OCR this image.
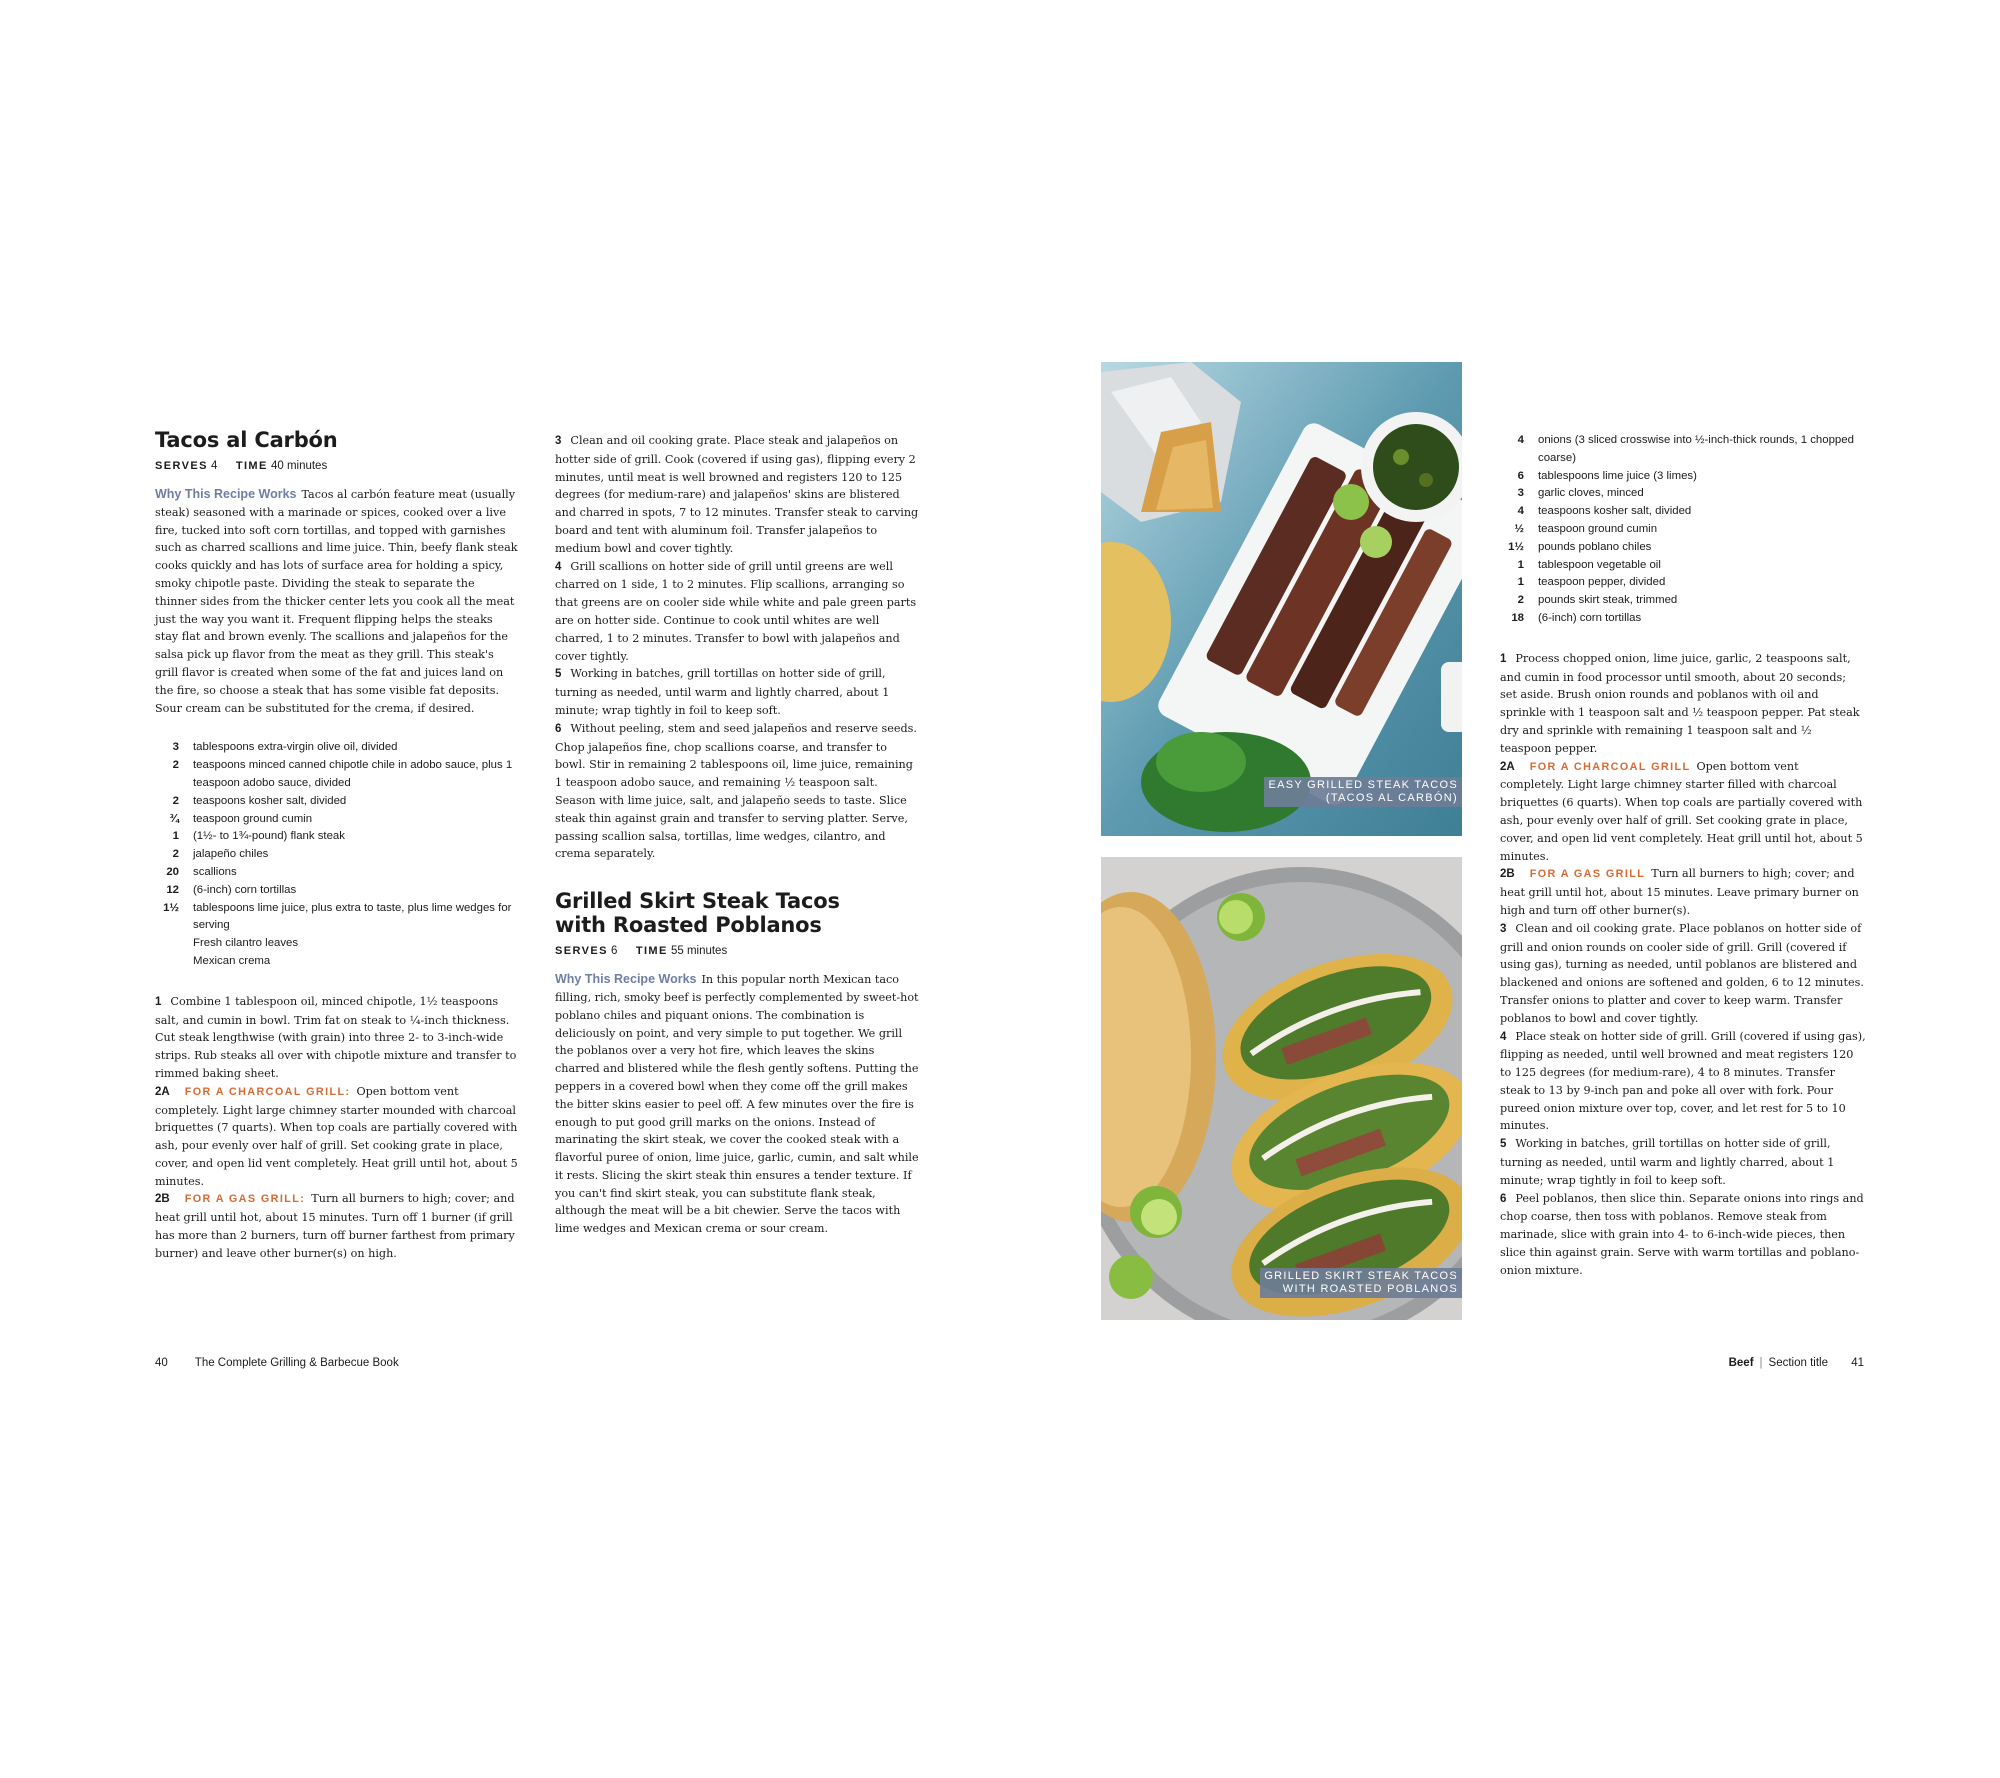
Tacos al Carbón
SERVES 4 TIME 40 minutes

Why This Recipe Works Tacos al carbón feature meat (usually steak) seasoned with a marinade or spices, cooked over a live fire, tucked into soft corn tortillas, and topped with garnishes such as charred scallions and lime juice. Thin, beefy flank steak cooks quickly and has lots of surface area for holding a spicy, smoky chipotle paste. Dividing the steak to separate the thinner sides from the thicker center lets you cook all the meat just the way you want it. Frequent flipping helps the steaks stay flat and brown evenly. The scallions and jalapeños for the salsa pick up flavor from the meat as they grill. This steak's grill flavor is created when some of the fat and juices land on the fire, so choose a steak that has some visible fat deposits. Sour cream can be substituted for the crema, if desired.

3	tablespoons extra-virgin olive oil, divided
2	teaspoons minced canned chipotle chile in adobo sauce, plus 1 teaspoon adobo sauce, divided
2	teaspoons kosher salt, divided
¾	teaspoon ground cumin
1	(1½- to 1¾-pound) flank steak
2	jalapeño chiles
20	scallions
12	(6-inch) corn tortillas
1½	tablespoons lime juice, plus extra to taste, plus lime wedges for serving
Fresh cilantro leaves
Mexican crema

1 Combine 1 tablespoon oil, minced chipotle, 1½ teaspoons salt, and cumin in bowl. Trim fat on steak to ¼-inch thickness. Cut steak lengthwise (with grain) into three 2- to 3-inch-wide strips. Rub steaks all over with chipotle mixture and transfer to rimmed baking sheet.

2A FOR A CHARCOAL GRILL: Open bottom vent completely. Light large chimney starter mounded with charcoal briquettes (7 quarts). When top coals are partially covered with ash, pour evenly over half of grill. Set cooking grate in place, cover, and open lid vent completely. Heat grill until hot, about 5 minutes.

2B FOR A GAS GRILL: Turn all burners to high; cover; and heat grill until hot, about 15 minutes. Turn off 1 burner (if grill has more than 2 burners, turn off burner farthest from primary burner) and leave other burner(s) on high.

3 Clean and oil cooking grate. Place steak and jalapeños on hotter side of grill. Cook (covered if using gas), flipping every 2 minutes, until meat is well browned and registers 120 to 125 degrees (for medium-rare) and jalapeños' skins are blistered and charred in spots, 7 to 12 minutes. Transfer steak to carving board and tent with aluminum foil. Transfer jalapeños to medium bowl and cover tightly.

4 Grill scallions on hotter side of grill until greens are well charred on 1 side, 1 to 2 minutes. Flip scallions, arranging so that greens are on cooler side while white and pale green parts are on hotter side. Continue to cook until whites are well charred, 1 to 2 minutes. Transfer to bowl with jalapeños and cover tightly.

5 Working in batches, grill tortillas on hotter side of grill, turning as needed, until warm and lightly charred, about 1 minute; wrap tightly in foil to keep soft.

6 Without peeling, stem and seed jalapeños and reserve seeds. Chop jalapeños fine, chop scallions coarse, and transfer to bowl. Stir in remaining 2 tablespoons oil, lime juice, remaining 1 teaspoon adobo sauce, and remaining ½ teaspoon salt. Season with lime juice, salt, and jalapeño seeds to taste. Slice steak thin against grain and transfer to serving platter. Serve, passing scallion salsa, tortillas, lime wedges, cilantro, and crema separately.

Grilled Skirt Steak Tacos
with Roasted Poblanos
SERVES 6 TIME 55 minutes

Why This Recipe Works In this popular north Mexican taco filling, rich, smoky beef is perfectly complemented by sweet-hot poblano chiles and piquant onions. The combination is deliciously on point, and very simple to put together. We grill the poblanos over a very hot fire, which leaves the skins charred and blistered while the flesh gently softens. Putting the peppers in a covered bowl when they come off the grill makes the bitter skins easier to peel off. A few minutes over the fire is enough to put good grill marks on the onions. Instead of marinating the skirt steak, we cover the cooked steak with a flavorful puree of onion, lime juice, garlic, cumin, and salt while it rests. Slicing the skirt steak thin ensures a tender texture. If you can't find skirt steak, you can substitute flank steak, although the meat will be a bit chewier. Serve the tacos with lime wedges and Mexican crema or sour cream.

EASY GRILLED STEAK TACOS
(TACOS AL CARBÓN)
GRILLED SKIRT STEAK TACOS
WITH ROASTED POBLANOS
4	onions (3 sliced crosswise into ½-inch-thick rounds, 1 chopped coarse)
6	tablespoons lime juice (3 limes)
3	garlic cloves, minced
4	teaspoons kosher salt, divided
½	teaspoon ground cumin
1½	pounds poblano chiles
1	tablespoon vegetable oil
1	teaspoon pepper, divided
2	pounds skirt steak, trimmed
18	(6-inch) corn tortillas

1 Process chopped onion, lime juice, garlic, 2 teaspoons salt, and cumin in food processor until smooth, about 20 seconds; set aside. Brush onion rounds and poblanos with oil and sprinkle with 1 teaspoon salt and ½ teaspoon pepper. Pat steak dry and sprinkle with remaining 1 teaspoon salt and ½ teaspoon pepper.

2A FOR A CHARCOAL GRILL Open bottom vent completely. Light large chimney starter filled with charcoal briquettes (6 quarts). When top coals are partially covered with ash, pour evenly over half of grill. Set cooking grate in place, cover, and open lid vent completely. Heat grill until hot, about 5 minutes.

2B FOR A GAS GRILL Turn all burners to high; cover; and heat grill until hot, about 15 minutes. Leave primary burner on high and turn off other burner(s).

3 Clean and oil cooking grate. Place poblanos on hotter side of grill and onion rounds on cooler side of grill. Grill (covered if using gas), turning as needed, until poblanos are blistered and blackened and onions are softened and golden, 6 to 12 minutes. Transfer onions to platter and cover to keep warm. Transfer poblanos to bowl and cover tightly.

4 Place steak on hotter side of grill. Grill (covered if using gas), flipping as needed, until well browned and meat registers 120 to 125 degrees (for medium-rare), 4 to 8 minutes. Transfer steak to 13 by 9-inch pan and poke all over with fork. Pour pureed onion mixture over top, cover, and let rest for 5 to 10 minutes.

5 Working in batches, grill tortillas on hotter side of grill, turning as needed, until warm and lightly charred, about 1 minute; wrap tightly in foil to keep soft.

6 Peel poblanos, then slice thin. Separate onions into rings and chop coarse, then toss with poblanos. Remove steak from marinade, slice with grain into 4- to 6-inch-wide pieces, then slice thin against grain. Serve with warm tortillas and poblano-onion mixture.

40 The Complete Grilling & Barbecue Book	Beef | Section title 41
